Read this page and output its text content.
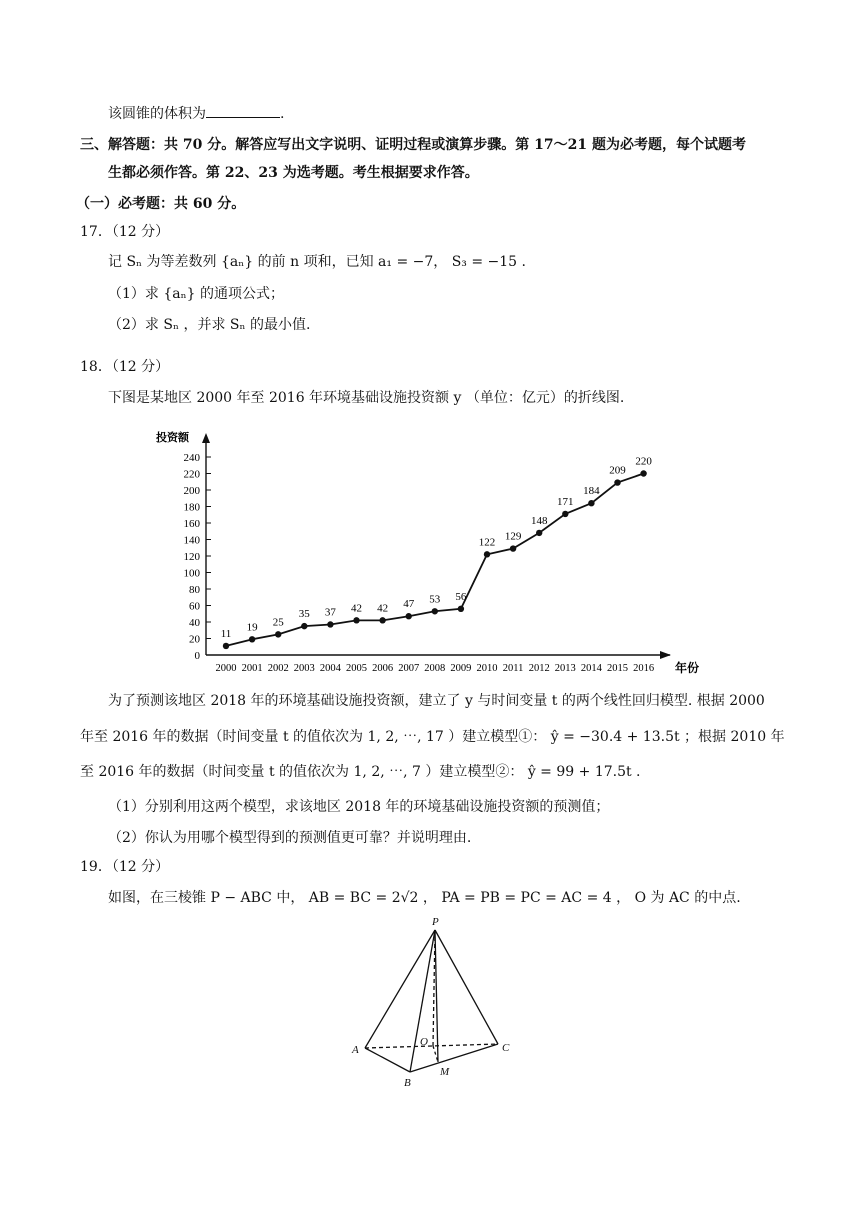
该圆锥的体积为	.
三、解答题：共 70 分。解答应写出文字说明、证明过程或演算步骤。第 17～21 题为必考题，每个试题考
生都必须作答。第 22、23 为选考题。考生根据要求作答。
（一）必考题：共 60 分。
17．（12 分）
记 Sₙ 为等差数列 {aₙ} 的前 n 项和，已知 a₁ = −7， S₃ = −15 .
（1）求 {aₙ} 的通项公式；
（2）求 Sₙ ，并求 Sₙ 的最小值.
18．（12 分）
下图是某地区 2000 年至 2016 年环境基础设施投资额 y （单位：亿元）的折线图.
投资额
年份
0
20
40
60
80
100
120
140
160
180
200
220
240
2000 2001 2002 2003 2004 2005 2006 2007 2008 2009 2010 2011 2012 2013 2014 2015 2016
11
19 25
35 37 42 42 47 53 56
122 129
148
171
184
209
220
为了预测该地区 2018 年的环境基础设施投资额，建立了 y 与时间变量 t 的两个线性回归模型. 根据 2000
年至 2016 年的数据（时间变量 t 的值依次为 1, 2, ⋯, 17 ）建立模型①： ŷ = −30.4 + 13.5t ；根据 2010 年
至 2016 年的数据（时间变量 t 的值依次为 1, 2, ⋯, 7 ）建立模型②： ŷ = 99 + 17.5t .
（1）分别利用这两个模型，求该地区 2018 年的环境基础设施投资额的预测值；
（2）你认为用哪个模型得到的预测值更可靠？并说明理由.
19．（12 分）
如图，在三棱锥 P − ABC 中， AB = BC = 2√2 ， PA = PB = PC = AC = 4 ， O 为 AC 的中点.
P
A
B
C
O
M
